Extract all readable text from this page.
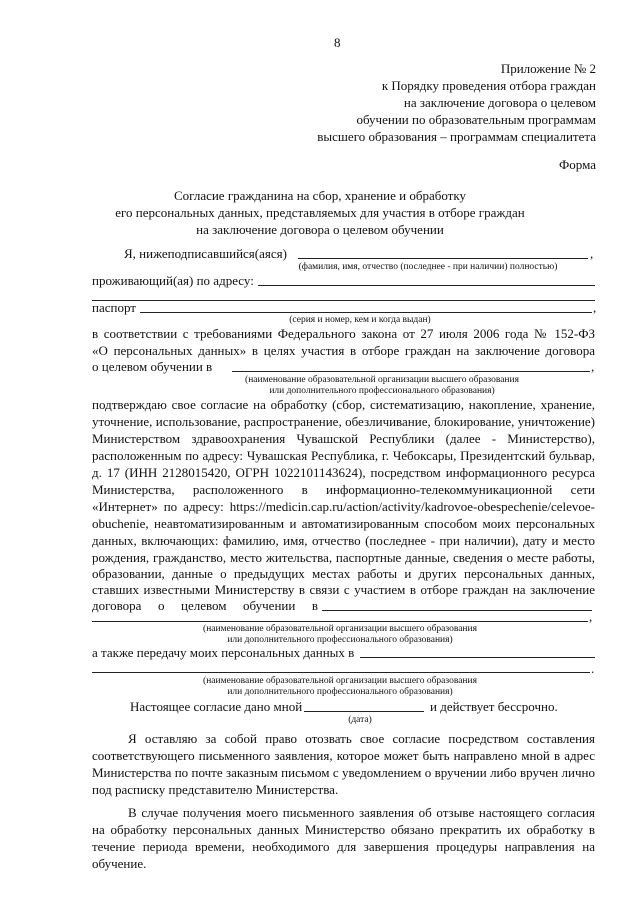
8
Приложение № 2
к Порядку проведения отбора граждан
на заключение договора о целевом
обучении по образовательным программам
высшего образования – программам специалитета
Форма
Согласие гражданина на сбор, хранение и обработку
его персональных данных, представляемых для участия в отборе граждан
на заключение договора о целевом обучении
Я, нижеподписавшийся(аяся)	,
(фамилия, имя, отчество (последнее - при наличии) полностью)
проживающий(ая) по адресу:
паспорт	,
(серия и номер, кем и когда выдан)
в соответствии с требованиями Федерального закона от 27 июля 2006 года № 152-ФЗ
«О персональных данных» в целях участия в отборе граждан на заключение договора
о целевом обучении в	,
(наименование образовательной организации высшего образования
или дополнительного профессионального образования)
подтверждаю свое согласие на обработку (сбор, систематизацию, накопление, хранение,
уточнение, использование, распространение, обезличивание, блокирование, уничтожение)
Министерством здравоохранения Чувашской Республики (далее - Министерство),
расположенным по адресу: Чувашская Республика, г. Чебоксары, Президентский бульвар,
д. 17 (ИНН 2128015420, ОГРН 1022101143624), посредством информационного ресурса
Министерства, расположенного в информационно-телекоммуникационной сети
«Интернет» по адресу: https://medicin.cap.ru/action/activity/kadrovoe-obespechenie/celevoe-
obuchenie, неавтоматизированным и автоматизированным способом моих персональных
данных, включающих: фамилию, имя, отчество (последнее - при наличии), дату и место
рождения, гражданство, место жительства, паспортные данные, сведения о месте работы,
образовании, данные о предыдущих местах работы и других персональных данных,
ставших известными Министерству в связи с участием в отборе граждан на заключение
договора о целевом обучении в
,
(наименование образовательной организации высшего образования
или дополнительного профессионального образования)
а также передачу моих персональных данных в
.
(наименование образовательной организации высшего образования
или дополнительного профессионального образования)
Настоящее согласие дано мной	и действует бессрочно.
(дата)
Я оставляю за собой право отозвать свое согласие посредством составления
соответствующего письменного заявления, которое может быть направлено мной в адрес
Министерства по почте заказным письмом с уведомлением о вручении либо вручен лично
под расписку представителю Министерства.
В случае получения моего письменного заявления об отзыве настоящего согласия
на обработку персональных данных Министерство обязано прекратить их обработку в
течение периода времени, необходимого для завершения процедуры направления на
обучение.
